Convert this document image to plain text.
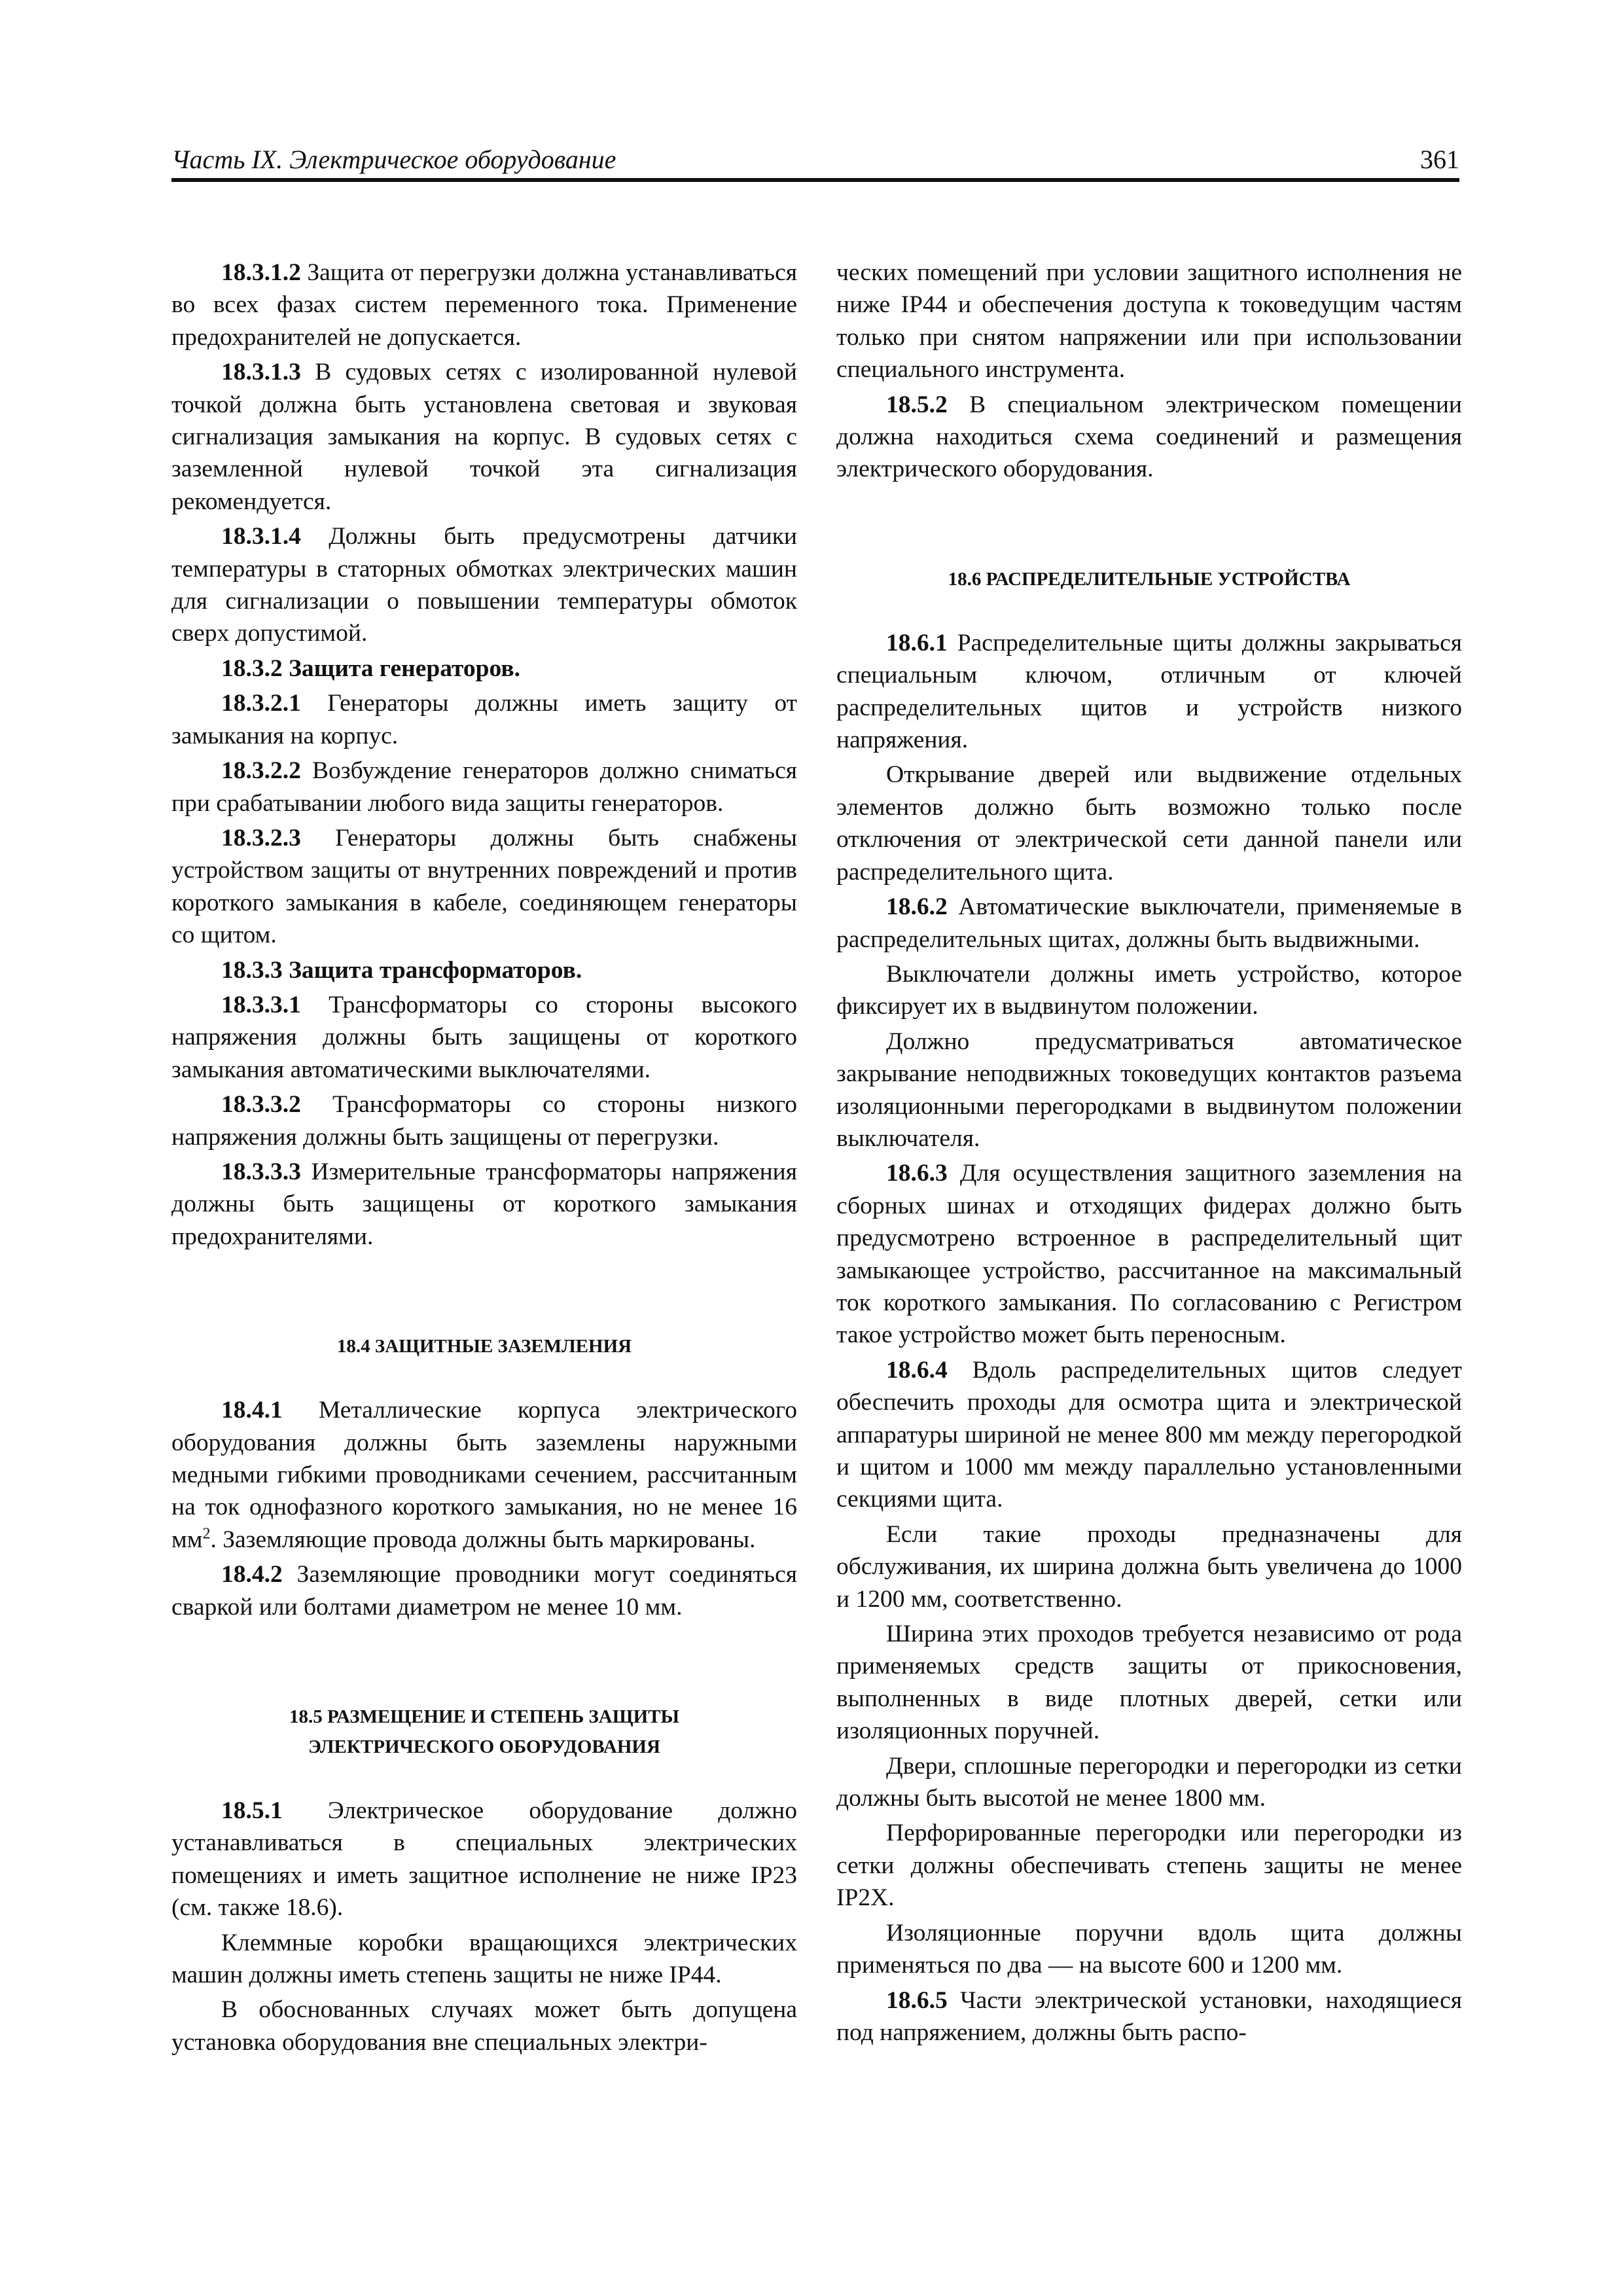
Часть IX. Электрическое оборудование	361

18.3.1.2 Защита от перегрузки должна устанавливаться во всех фазах систем переменного тока. Применение предохранителей не допускается.

18.3.1.3 В судовых сетях с изолированной нулевой точкой должна быть установлена световая и звуковая сигнализация замыкания на корпус. В судовых сетях с заземленной нулевой точкой эта сигнализация рекомендуется.

18.3.1.4 Должны быть предусмотрены датчики температуры в статорных обмотках электрических машин для сигнализации о повышении температуры обмоток сверх допустимой.

18.3.2 Защита генераторов.

18.3.2.1 Генераторы должны иметь защиту от замыкания на корпус.

18.3.2.2 Возбуждение генераторов должно сниматься при срабатывании любого вида защиты генераторов.

18.3.2.3 Генераторы должны быть снабжены устройством защиты от внутренних повреждений и против короткого замыкания в кабеле, соединяющем генераторы со щитом.

18.3.3 Защита трансформаторов.

18.3.3.1 Трансформаторы со стороны высокого напряжения должны быть защищены от короткого замыкания автоматическими выключателями.

18.3.3.2 Трансформаторы со стороны низкого напряжения должны быть защищены от перегрузки.

18.3.3.3 Измерительные трансформаторы напряжения должны быть защищены от короткого замыкания предохранителями.

18.4 ЗАЩИТНЫЕ ЗАЗЕМЛЕНИЯ

18.4.1 Металлические корпуса электрического оборудования должны быть заземлены наружными медными гибкими проводниками сечением, рассчитанным на ток однофазного короткого замыкания, но не менее 16 $мм^2$. Заземляющие провода должны быть маркированы.

18.4.2 Заземляющие проводники могут соединяться сваркой или болтами диаметром не менее 10 мм.

18.5 РАЗМЕЩЕНИЕ И СТЕПЕНЬ ЗАЩИТЫ

ЭЛЕКТРИЧЕСКОГО ОБОРУДОВАНИЯ

18.5.1 Электрическое оборудование должно устанавливаться в специальных электрических помещениях и иметь защитное исполнение не ниже IP23 (см. также 18.6).

Клеммные коробки вращающихся электрических машин должны иметь степень защиты не ниже IP44.

В обоснованных случаях может быть допущена установка оборудования вне специальных электри-

ческих помещений при условии защитного исполнения не ниже IP44 и обеспечения доступа к токоведущим частям только при снятом напряжении или при использовании специального инструмента.

18.5.2 В специальном электрическом помещении должна находиться схема соединений и размещения электрического оборудования.

18.6 РАСПРЕДЕЛИТЕЛЬНЫЕ УСТРОЙСТВА

18.6.1 Распределительные щиты должны закрываться специальным ключом, отличным от ключей распределительных щитов и устройств низкого напряжения.

Открывание дверей или выдвижение отдельных элементов должно быть возможно только после отключения от электрической сети данной панели или распределительного щита.

18.6.2 Автоматические выключатели, применяемые в распределительных щитах, должны быть выдвижными.

Выключатели должны иметь устройство, которое фиксирует их в выдвинутом положении.

Должно предусматриваться автоматическое закрывание неподвижных токоведущих контактов разъема изоляционными перегородками в выдвинутом положении выключателя.

18.6.3 Для осуществления защитного заземления на сборных шинах и отходящих фидерах должно быть предусмотрено встроенное в распределительный щит замыкающее устройство, рассчитанное на максимальный ток короткого замыкания. По согласованию с Регистром такое устройство может быть переносным.

18.6.4 Вдоль распределительных щитов следует обеспечить проходы для осмотра щита и электрической аппаратуры шириной не менее 800 мм между перегородкой и щитом и 1000 мм между параллельно установленными секциями щита.

Если такие проходы предназначены для обслуживания, их ширина должна быть увеличена до 1000 и 1200 мм, соответственно.

Ширина этих проходов требуется независимо от рода применяемых средств защиты от прикосновения, выполненных в виде плотных дверей, сетки или изоляционных поручней.

Двери, сплошные перегородки и перегородки из сетки должны быть высотой не менее 1800 мм.

Перфорированные перегородки или перегородки из сетки должны обеспечивать степень защиты не менее IP2X.

Изоляционные поручни вдоль щита должны применяться по два — на высоте 600 и 1200 мм.

18.6.5 Части электрической установки, находящиеся под напряжением, должны быть распо-
